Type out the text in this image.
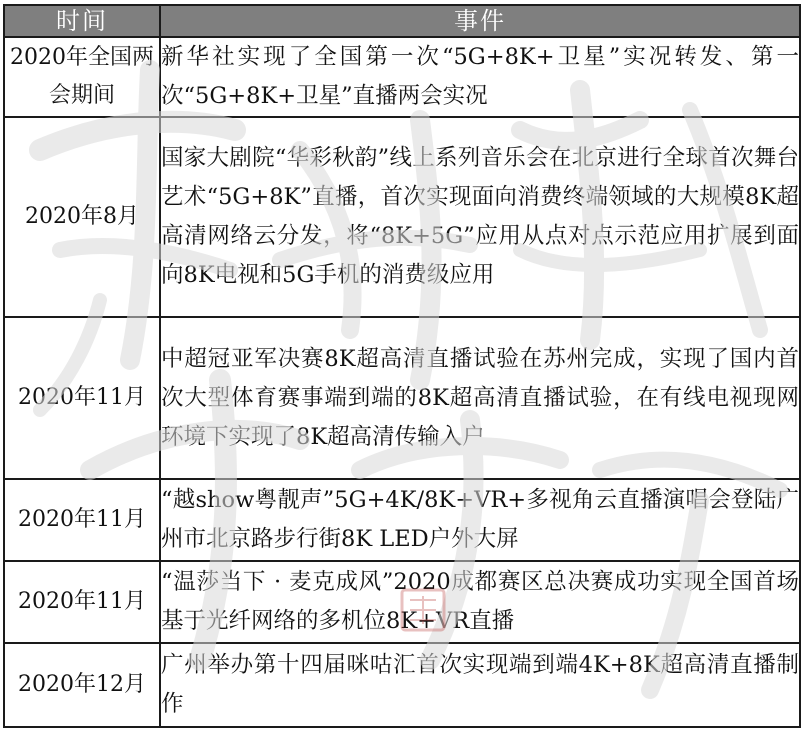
时间	事件
2020年全国两会期间	新华社实现了全国第一次“5G+8K+卫星”实况转发、第一次“5G+8K+卫星”直播两会实况
2020年8月	国家大剧院“华彩秋韵”线上系列音乐会在北京进行全球首次舞台艺术“5G+8K”直播，首次实现面向消费终端领域的大规模8K超高清网络云分发，将“8K+5G”应用从点对点示范应用扩展到面向8K电视和5G手机的消费级应用
2020年11月	中超冠亚军决赛8K超高清直播试验在苏州完成，实现了国内首次大型体育赛事端到端的8K超高清直播试验，在有线电视现网环境下实现了8K超高清传输入户
2020年11月	“越show粤靓声”5G+4K/8K+VR+多视角云直播演唱会登陆广州市北京路步行街8K LED户外大屏
2020年11月	“温莎当下 · 麦克成风”2020成都赛区总决赛成功实现全国首场基于光纤网络的多机位8K+VR直播
2020年12月	广州举办第十四届咪咕汇首次实现端到端4K+8K超高清直播制作
